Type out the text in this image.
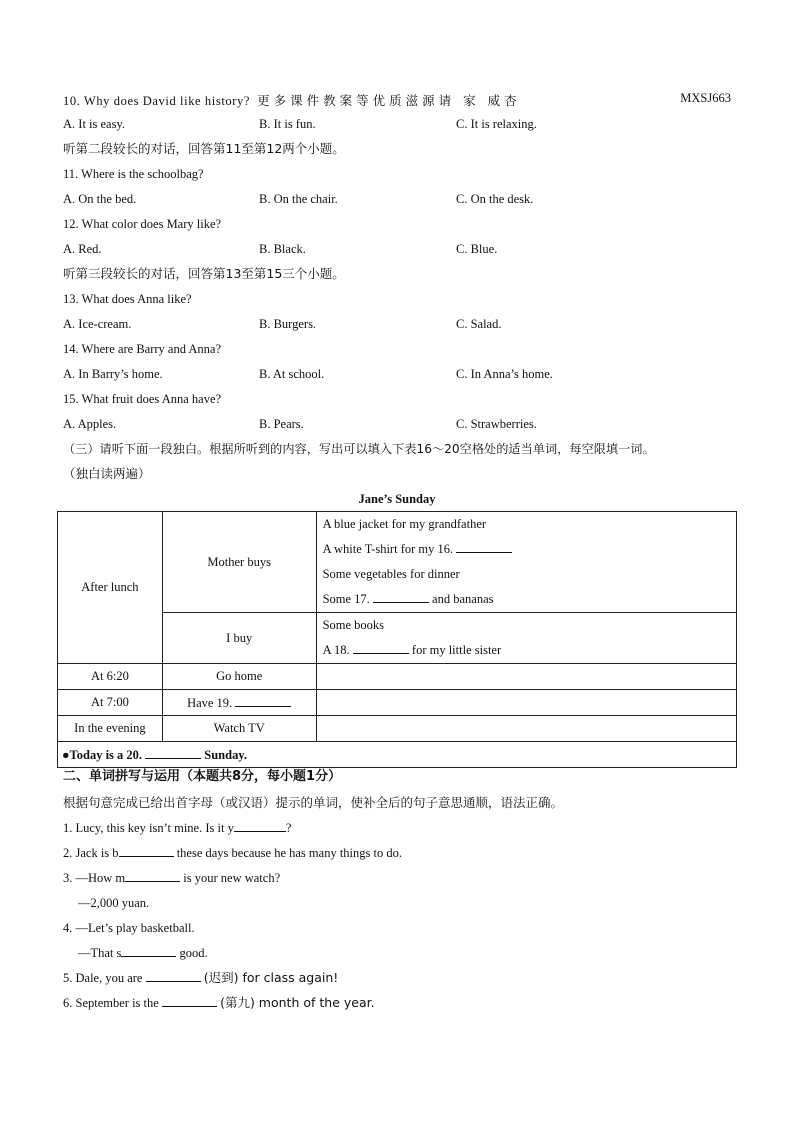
10. Why does David like history? 更多课件教案等优质滋源请 家 威杏	MXSJ663
A. It is easy.	B. It is fun.	C. It is relaxing.
听第二段较长的对话，回答第11至第12两个小题。
11. Where is the schoolbag?
A. On the bed.	B. On the chair.	C. On the desk.
12. What color does Mary like?
A. Red.	B. Black.	C. Blue.
听第三段较长的对话，回答第13至第15三个小题。
13. What does Anna like?
A. Ice-cream.	B. Burgers.	C. Salad.
14. Where are Barry and Anna?
A. In Barry’s home.	B. At school.	C. In Anna’s home.
15. What fruit does Anna have?
A. Apples.	B. Pears.	C. Strawberries.
（三）请听下面一段独白。根据所听到的内容，写出可以填入下表16～20空格处的适当单词，每空限填一词。
（独白读两遍）
Jane’s Sunday
After lunch	Mother buys	A blue jacket for my grandfather
A white T-shirt for my 16.
Some vegetables for dinner
Some 17. and bananas

	I buy	Some books
A 18. for my little sister

At 6:20	Go home	
At 7:00	Have 19.	
In the evening	Watch TV	
●Today is a 20. Sunday.		
二、单词拼写与运用（本题共8分，每小题1分）
根据句意完成已给出首字母（或汉语）提示的单词，使补全后的句子意思通顺，语法正确。
1. Lucy, this key isn’t mine. Is it y	?
2. Jack is b	these days because he has many things to do.
3. —How m	is your new watch?
—2,000 yuan.
4. —Let’s play basketball.
—That s	good.
5. Dale, you are	(迟到) for class again!
6. September is the	(第九) month of the year.
